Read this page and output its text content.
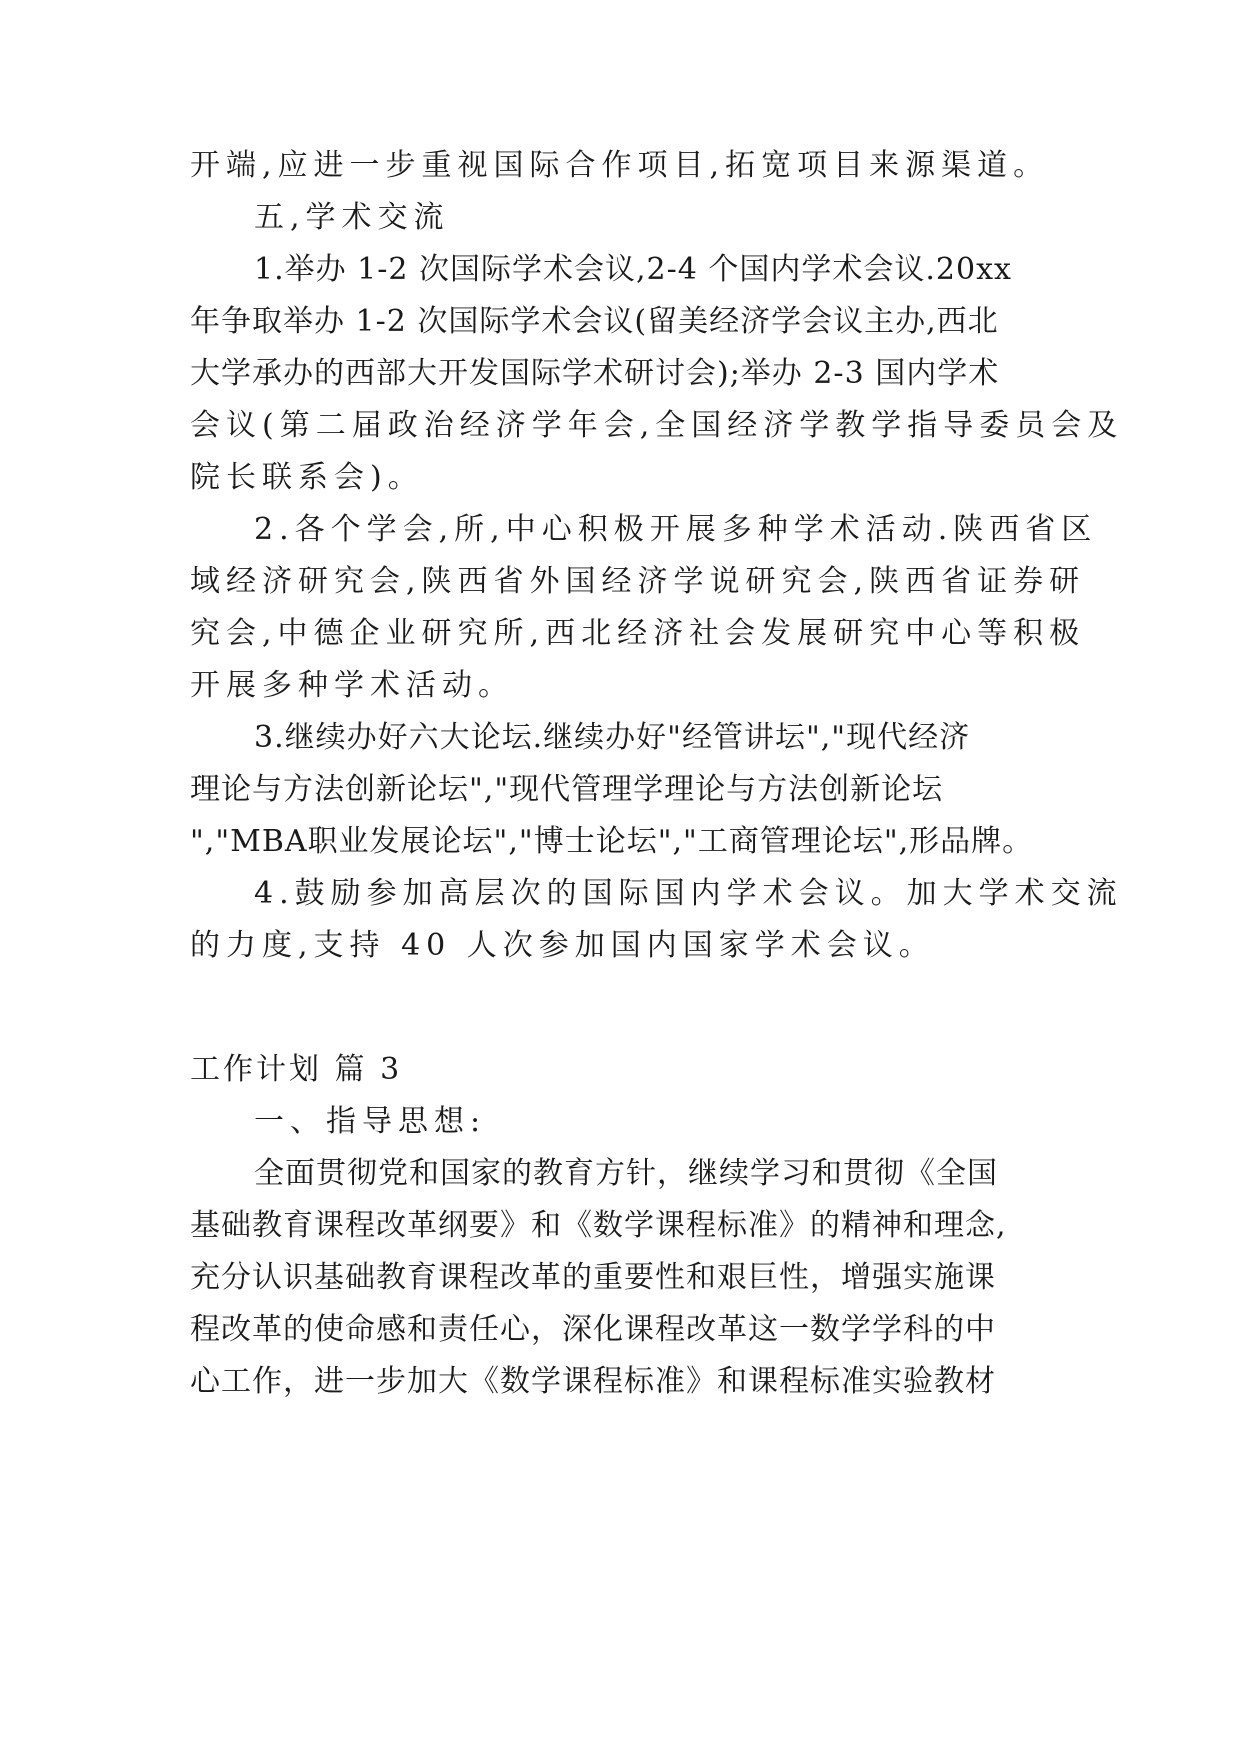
开端,应进一步重视国际合作项目,拓宽项目来源渠道。
五,学术交流
1.举办 1-2 次国际学术会议,2-4 个国内学术会议.20xx
年争取举办 1-2 次国际学术会议(留美经济学会议主办,西北
大学承办的西部大开发国际学术研讨会);举办 2-3 国内学术
会议(第二届政治经济学年会,全国经济学教学指导委员会及
院长联系会)。
2.各个学会,所,中心积极开展多种学术活动.陕西省区
域经济研究会,陕西省外国经济学说研究会,陕西省证券研
究会,中德企业研究所,西北经济社会发展研究中心等积极
开展多种学术活动。
3.继续办好六大论坛.继续办好"经管讲坛","现代经济
理论与方法创新论坛","现代管理学理论与方法创新论坛
","MBA职业发展论坛","博士论坛","工商管理论坛",形品牌。
4.鼓励参加高层次的国际国内学术会议。加大学术交流
的力度,支持 40 人次参加国内国家学术会议。
工作计划 篇 3
一、指导思想:
全面贯彻党和国家的教育方针，继续学习和贯彻《全国
基础教育课程改革纲要》和《数学课程标准》的精神和理念,
充分认识基础教育课程改革的重要性和艰巨性，增强实施课
程改革的使命感和责任心，深化课程改革这一数学学科的中
心工作，进一步加大《数学课程标准》和课程标准实验教材
